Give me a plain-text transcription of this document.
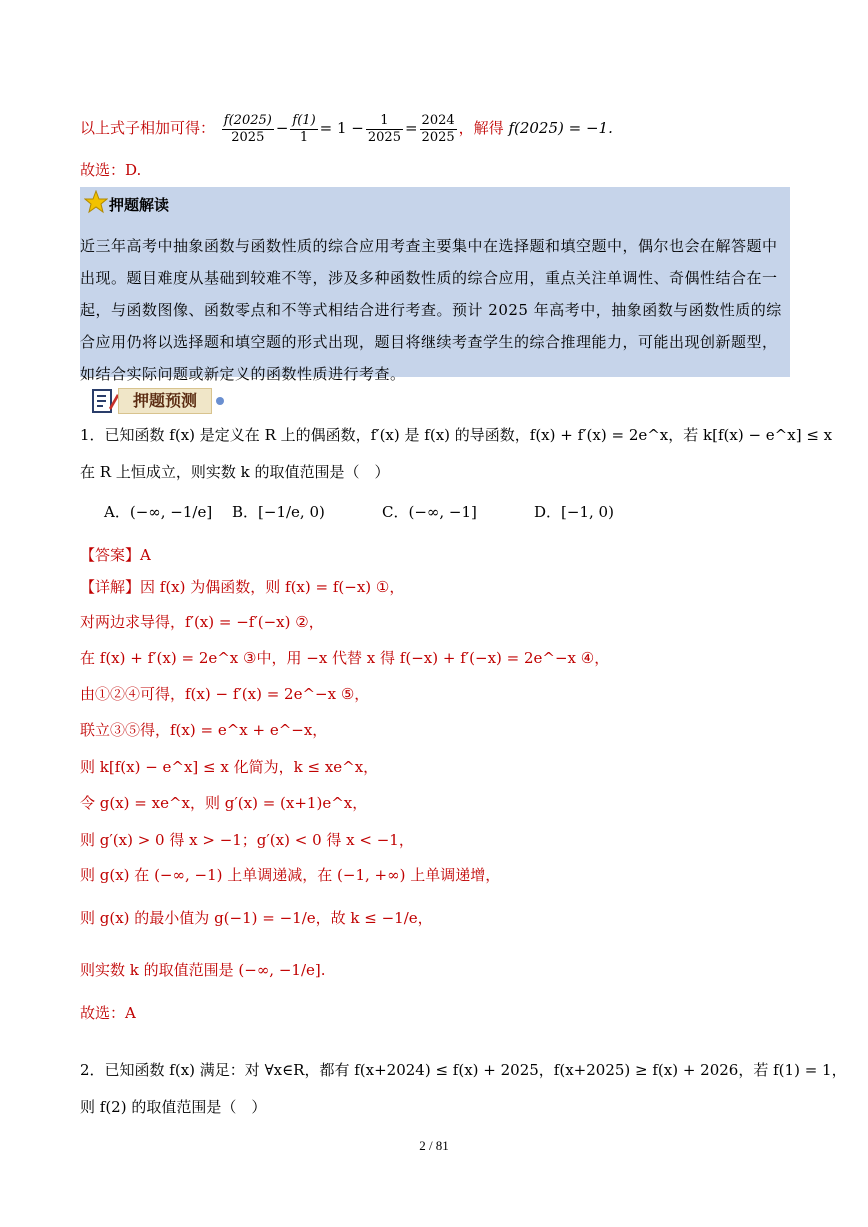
以上式子相加可得： $\frac{f(2025)}{2025} - \frac{f(1)}{1} = 1 - \frac{1}{2025} = \frac{2024}{2025}$ ，解得 f(2025) = −1.
故选：D.
押题解读
近三年高考中抽象函数与函数性质的综合应用考查主要集中在选择题和填空题中，偶尔也会在解答题中出现。题目难度从基础到较难不等，涉及多种函数性质的综合应用，重点关注单调性、奇偶性结合在一起，与函数图像、函数零点和不等式相结合进行考查。预计 2025 年高考中，抽象函数与函数性质的综合应用仍将以选择题和填空题的形式出现，题目将继续考查学生的综合推理能力，可能出现创新题型，如结合实际问题或新定义的函数性质进行考查。
押题预测
1．已知函数 f(x) 是定义在 R 上的偶函数，f′(x) 是 f(x) 的导函数，f(x) + f′(x) = 2e^x，若 k[f(x) − e^x] ≤ x
在 R 上恒成立，则实数 k 的取值范围是（　）
A．(−∞, −1/e] B．[−1/e, 0)	C．(−∞, −1]	D．[−1, 0)
【答案】A
【详解】因 f(x) 为偶函数，则 f(x) = f(−x) ①，
对两边求导得，f′(x) = −f′(−x) ②，
在 f(x) + f′(x) = 2e^x ③中，用 −x 代替 x 得 f(−x) + f′(−x) = 2e^−x ④，
由①②④可得，f(x) − f′(x) = 2e^−x ⑤，
联立③⑤得，f(x) = e^x + e^−x，
则 k[f(x) − e^x] ≤ x 化简为，k ≤ xe^x，
令 g(x) = xe^x，则 g′(x) = (x+1)e^x，
则 g′(x) > 0 得 x > −1；g′(x) < 0 得 x < −1，
则 g(x) 在 (−∞, −1) 上单调递减，在 (−1, +∞) 上单调递增，
则 g(x) 的最小值为 g(−1) = −1/e，故 k ≤ −1/e，
则实数 k 的取值范围是 (−∞, −1/e].
故选：A
2．已知函数 f(x) 满足：对 ∀x∈R，都有 f(x+2024) ≤ f(x) + 2025，f(x+2025) ≥ f(x) + 2026，若 f(1) = 1，
则 f(2) 的取值范围是（　）
2 / 81
